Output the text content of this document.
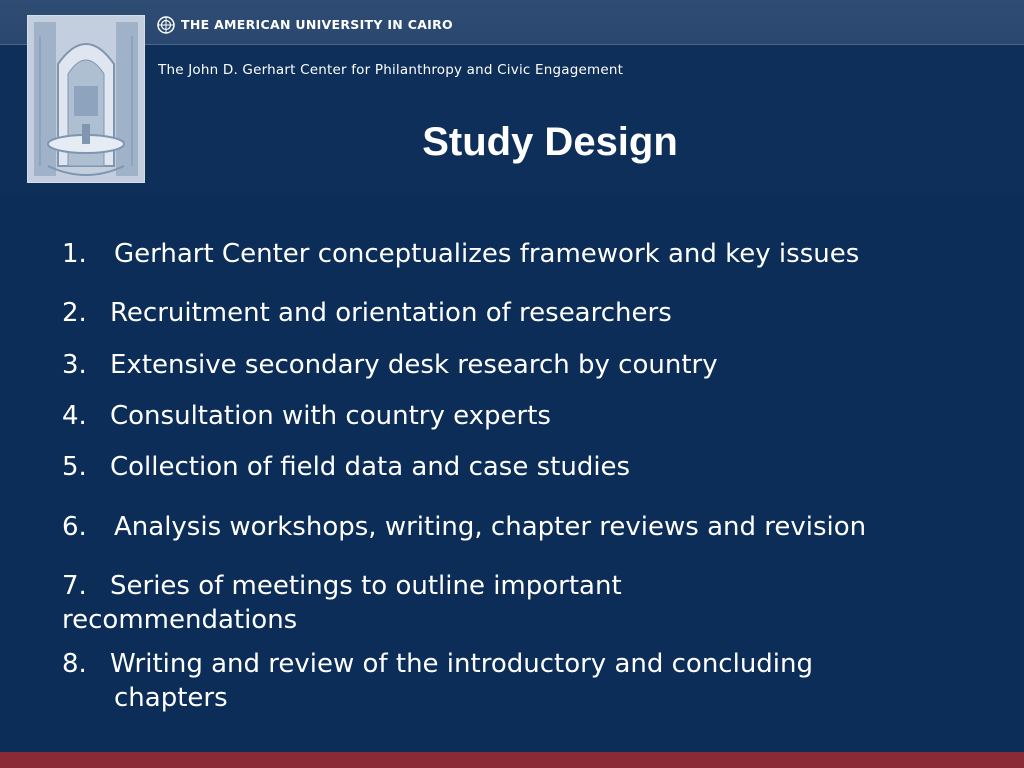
THE AMERICAN UNIVERSITY IN CAIRO
The John D. Gerhart Center for Philanthropy and Civic Engagement
Study Design
1. Gerhart Center conceptualizes framework and key issues
2. Recruitment and orientation of researchers
3. Extensive secondary desk research by country
4. Consultation with country experts
5. Collection of field data and case studies
6. Analysis workshops, writing, chapter reviews and revision
7. Series of meetings to outline important recommendations
8. Writing and review of the introductory and concluding
chapters
